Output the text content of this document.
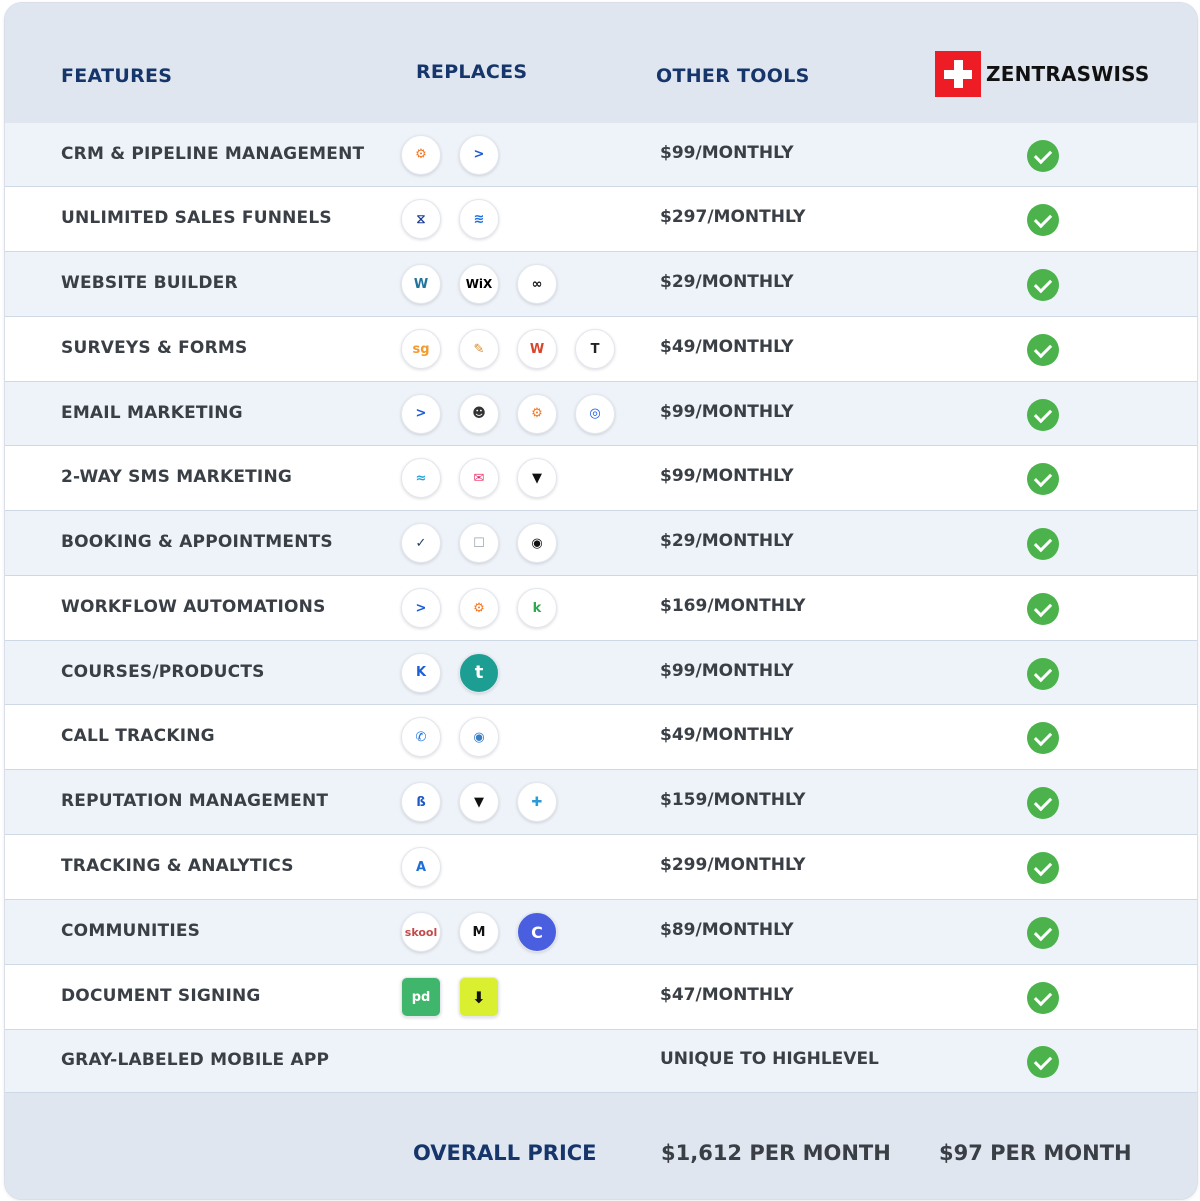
FEATURES	REPLACES	OTHER TOOLS	ZENTRASWISS
CRM & PIPELINE MANAGEMENT	⚙	>	$99/MONTHLY
UNLIMITED SALES FUNNELS	⧖	≋	$297/MONTHLY
WEBSITE BUILDER	W	WiX	∞	$29/MONTHLY
SURVEYS & FORMS	sg	✎	W	T	$49/MONTHLY
EMAIL MARKETING	>	☻	⚙	◎	$99/MONTHLY
2-WAY SMS MARKETING	≈	✉	▼	$99/MONTHLY
BOOKING & APPOINTMENTS	✓	☐	◉	$29/MONTHLY
WORKFLOW AUTOMATIONS	>	⚙	k	$169/MONTHLY
COURSES/PRODUCTS	K	t	$99/MONTHLY
CALL TRACKING	✆	◉	$49/MONTHLY
REPUTATION MANAGEMENT	ß	▼	✚	$159/MONTHLY
TRACKING & ANALYTICS	A	$299/MONTHLY
COMMUNITIES	skool	M	C	$89/MONTHLY
DOCUMENT SIGNING	pd	⬇	$47/MONTHLY
GRAY-LABELED MOBILE APP	UNIQUE TO HIGHLEVEL
OVERALL PRICE	$1,612 PER MONTH $97 PER MONTH
